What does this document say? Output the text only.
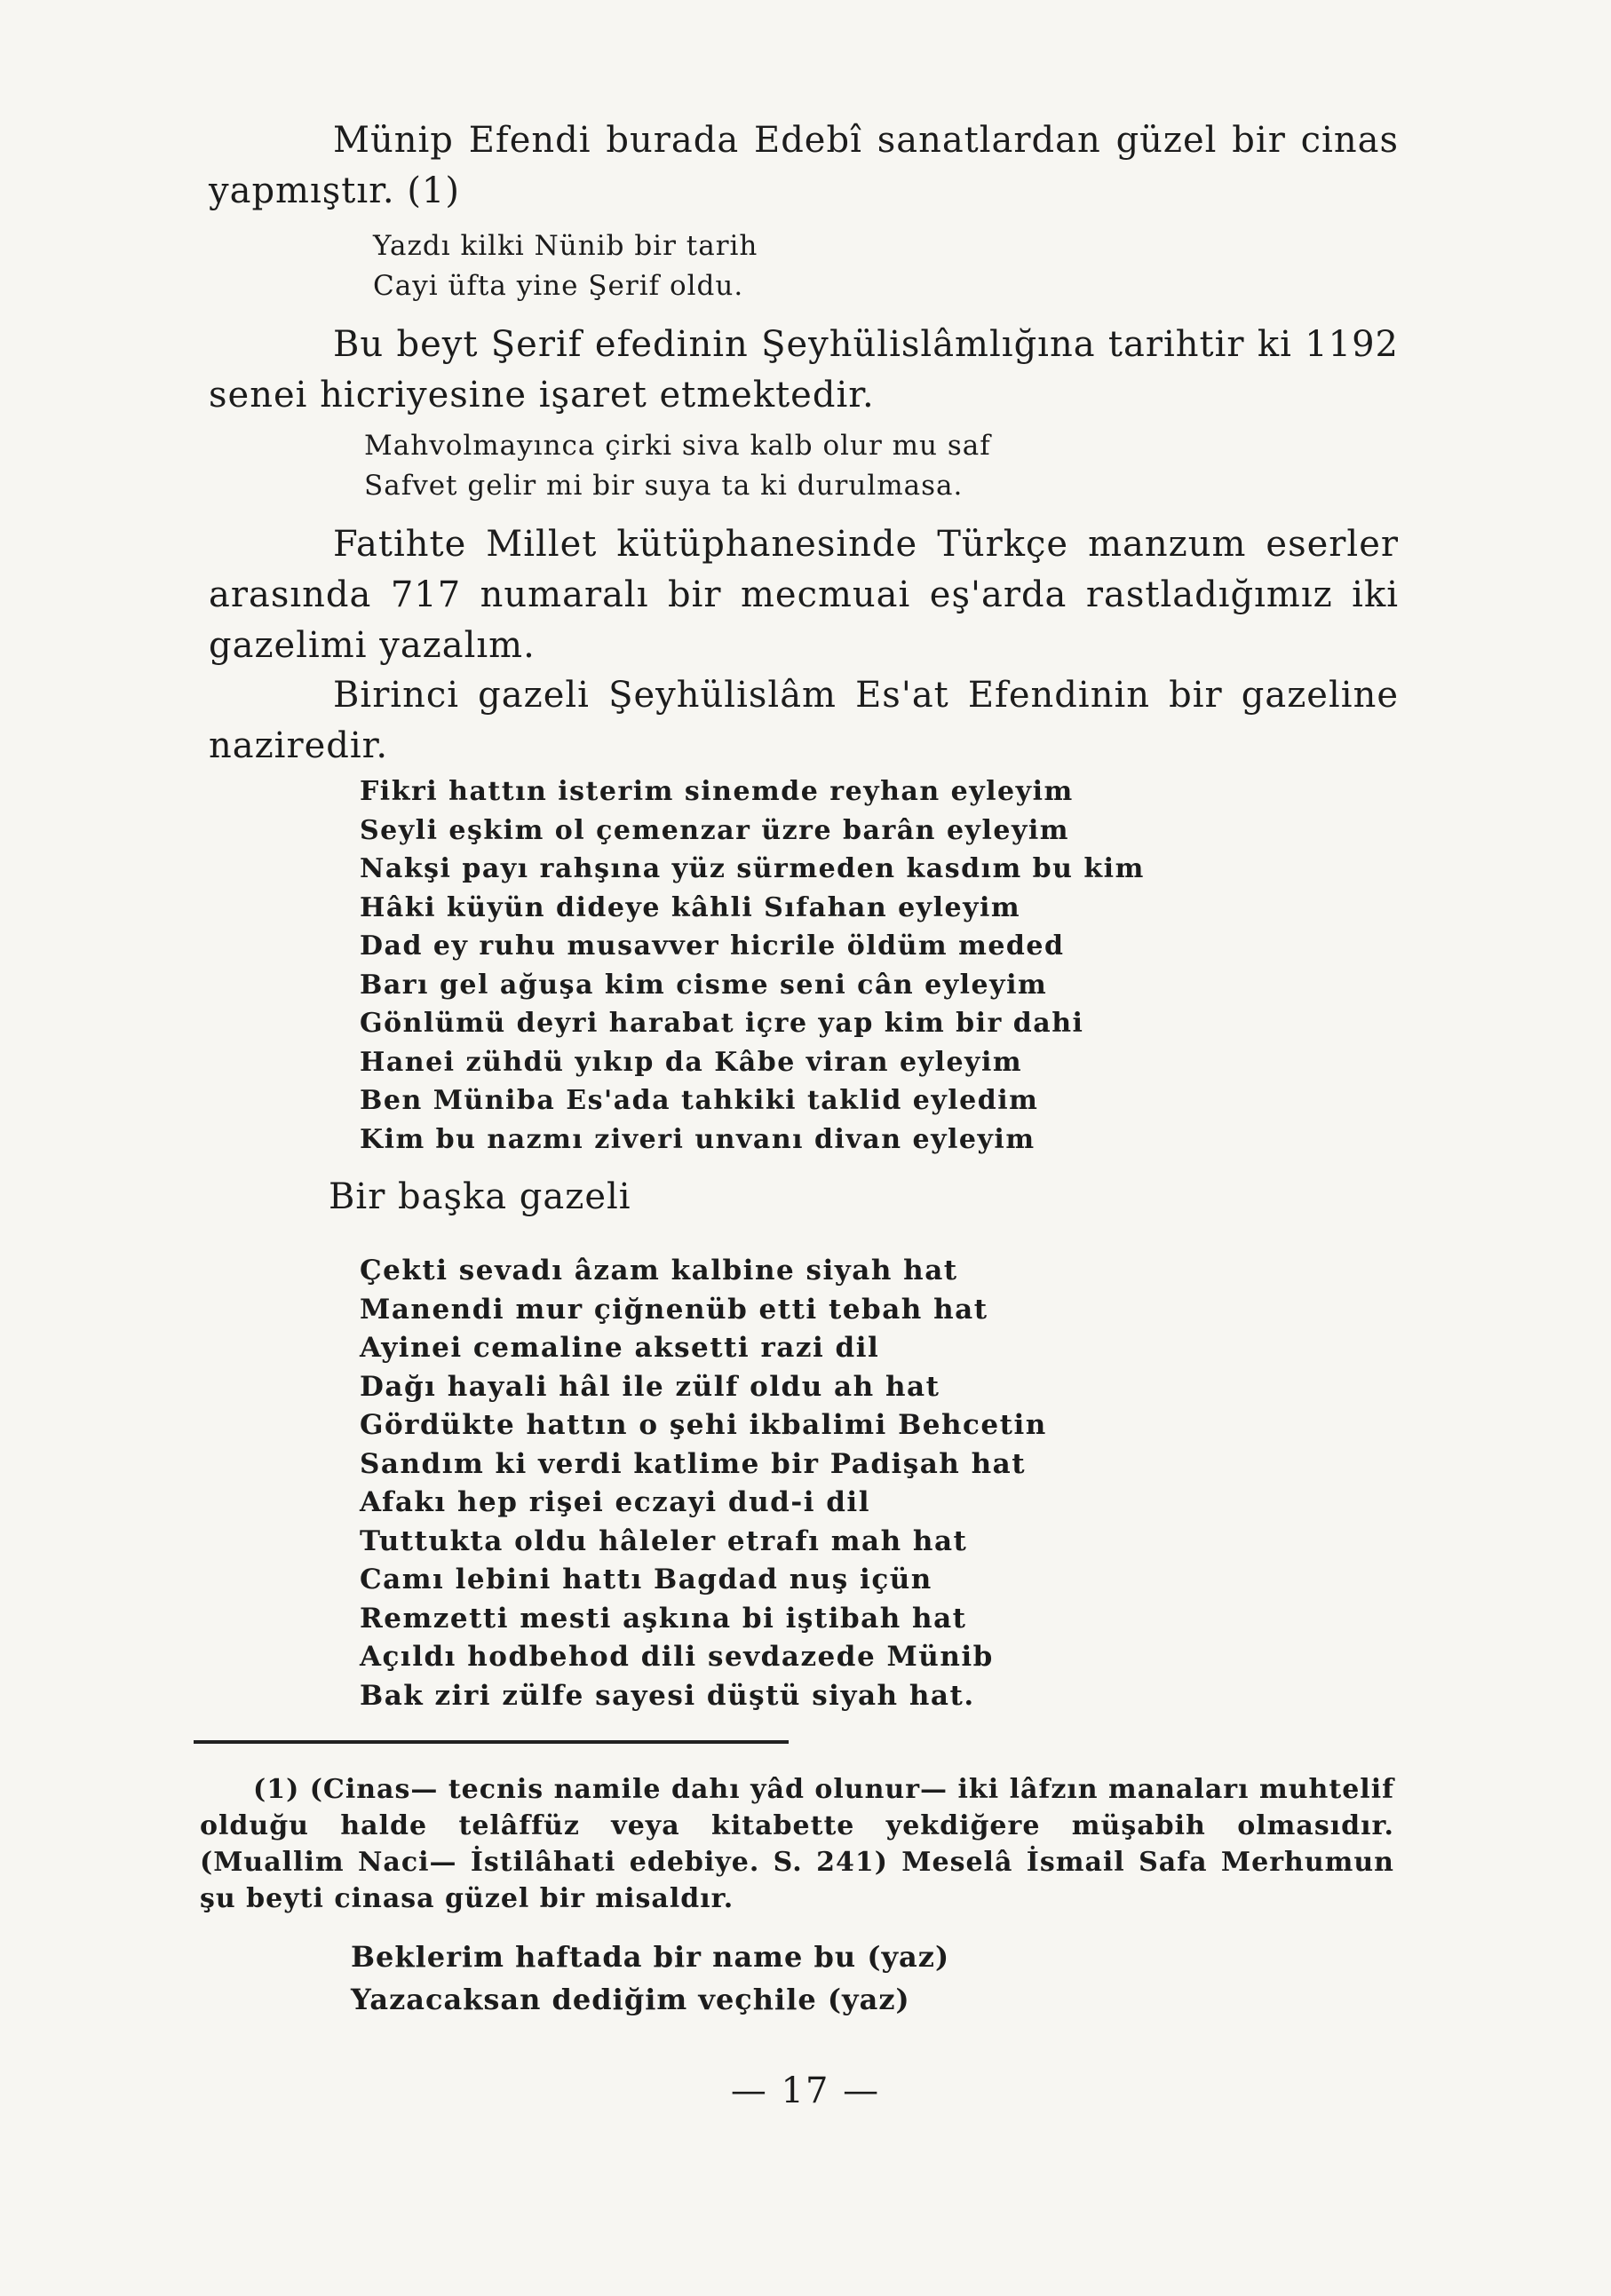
Münip Efendi burada Edebî sanatlardan güzel bir cinas yapmıştır. (1)

Yazdı kilki Nünib bir tarih
Cayi üfta yine Şerif oldu.

Bu beyt Şerif efedinin Şeyhülislâmlığına tarihtir ki 1192 senei hicriyesine işaret etmektedir.

Mahvolmayınca çirki siva kalb olur mu saf
Safvet gelir mi bir suya ta ki durulmasa.

Fatihte Millet kütüphanesinde Türkçe manzum eserler arasında 717 numaralı bir mecmuai eş'arda rastladığımız iki gazelimi yazalım.

Birinci gazeli Şeyhülislâm Es'at Efendinin bir gazeline naziredir.

Fikri hattın isterim sinemde reyhan eyleyim
Seyli eşkim ol çemenzar üzre barân eyleyim
Nakşi payı rahşına yüz sürmeden kasdım bu kim
Hâki küyün dideye kâhli Sıfahan eyleyim
Dad ey ruhu musavver hicrile öldüm meded
Barı gel ağuşa kim cisme seni cân eyleyim
Gönlümü deyri harabat içre yap kim bir dahi
Hanei zühdü yıkıp da Kâbe viran eyleyim
Ben Müniba Es'ada tahkiki taklid eyledim
Kim bu nazmı ziveri unvanı divan eyleyim
Bir başka gazeli
Çekti sevadı âzam kalbine siyah hat
Manendi mur çiğnenüb etti tebah hat
Ayinei cemaline aksetti razi dil
Dağı hayali hâl ile zülf oldu ah hat
Gördükte hattın o şehi ikbalimi Behcetin
Sandım ki verdi katlime bir Padişah hat
Afakı hep rişei eczayi dud-i dil
Tuttukta oldu hâleler etrafı mah hat
Camı lebini hattı Bagdad nuş içün
Remzetti mesti aşkına bi iştibah hat
Açıldı hodbehod dili sevdazede Münib
Bak ziri zülfe sayesi düştü siyah hat.

(1) (Cinas— tecnis namile dahı yâd olunur— iki lâfzın manaları muhtelif olduğu halde telâffüz veya kitabette yekdiğere müşabih olmasıdır. (Muallim Naci— İstilâhati edebiye. S. 241) Meselâ İsmail Safa Merhumun şu beyti cinasa güzel bir misaldır.

Beklerim haftada bir name bu (yaz)
Yazacaksan dediğim veçhile (yaz)
— 17 —
